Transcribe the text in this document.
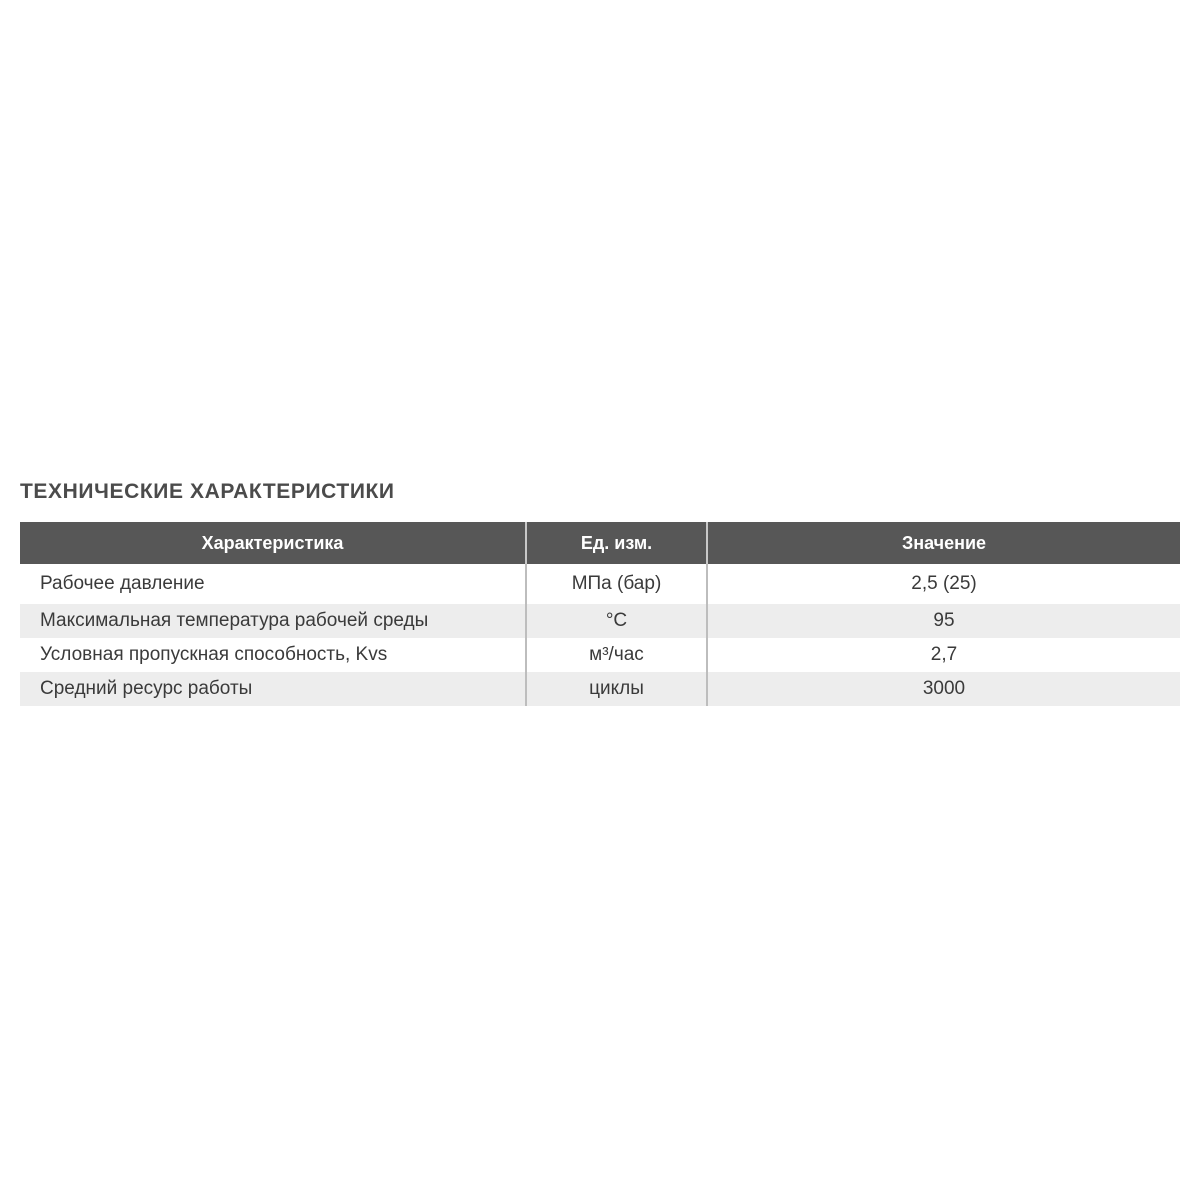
ТЕХНИЧЕСКИЕ ХАРАКТЕРИСТИКИ
Характеристика	Ед. изм.	Значение
Рабочее давление	МПа (бар)	2,5 (25)
Максимальная температура рабочей среды	°C	95
Условная пропускная способность, Kvs	м³/час	2,7
Средний ресурс работы	циклы	3000
